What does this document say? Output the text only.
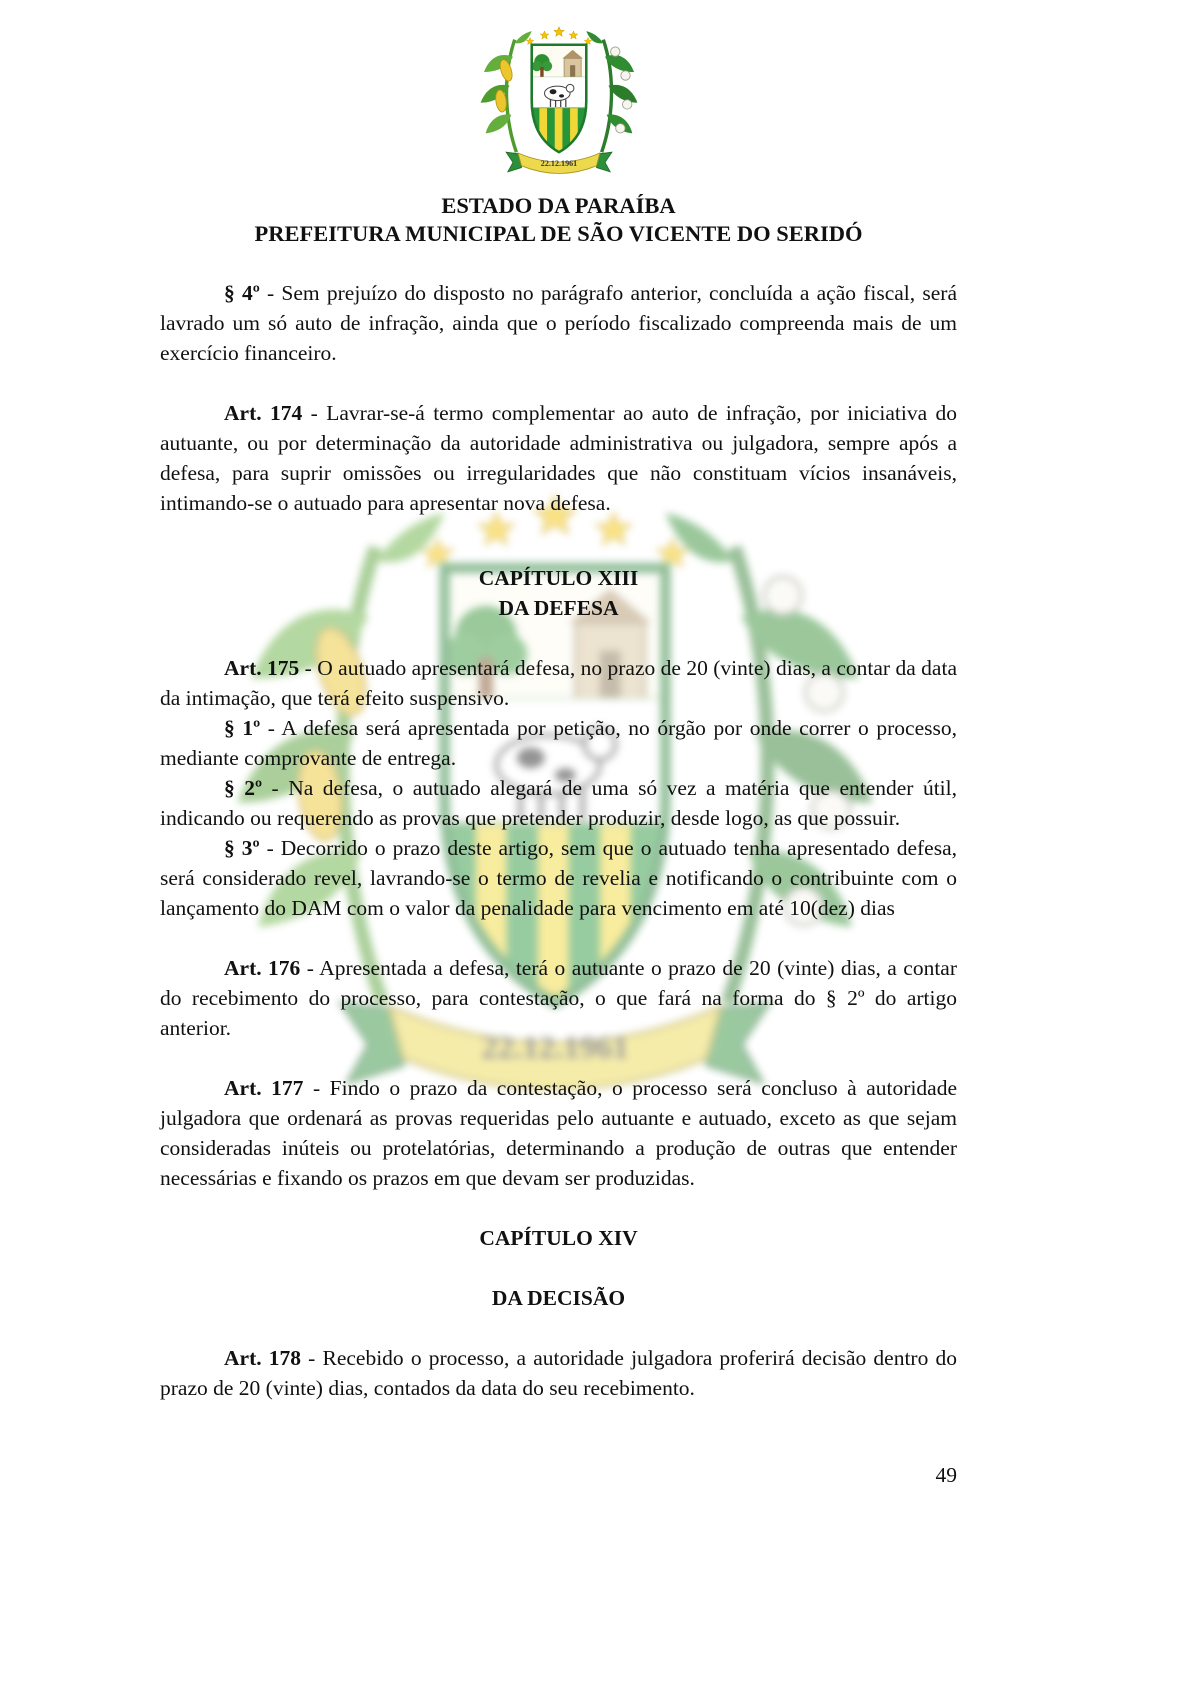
ESTADO DA PARAÍBA
PREFEITURA MUNICIPAL DE SÃO VICENTE DO SERIDÓ

§ 4º - Sem prejuízo do disposto no parágrafo anterior, concluída a ação fiscal, será lavrado um só auto de infração, ainda que o período fiscalizado compreenda mais de um exercício financeiro.

Art. 174 - Lavrar-se-á termo complementar ao auto de infração, por iniciativa do autuante, ou por determinação da autoridade administrativa ou julgadora, sempre após a defesa, para suprir omissões ou irregularidades que não constituam vícios insanáveis, intimando-se o autuado para apresentar nova defesa.

CAPÍTULO XIII
DA DEFESA

Art. 175 - O autuado apresentará defesa, no prazo de 20 (vinte) dias, a contar da data da intimação, que terá efeito suspensivo.

§ 1º - A defesa será apresentada por petição, no órgão por onde correr o processo, mediante comprovante de entrega.

§ 2º - Na defesa, o autuado alegará de uma só vez a matéria que entender útil, indicando ou requerendo as provas que pretender produzir, desde logo, as que possuir.

§ 3º - Decorrido o prazo deste artigo, sem que o autuado tenha apresentado defesa, será considerado revel, lavrando-se o termo de revelia e notificando o contribuinte com o lançamento do DAM com o valor da penalidade para vencimento em até 10(dez) dias

Art. 176 - Apresentada a defesa, terá o autuante o prazo de 20 (vinte) dias, a contar do recebimento do processo, para contestação, o que fará na forma do § 2º do artigo anterior.

Art. 177 - Findo o prazo da contestação, o processo será concluso à autoridade julgadora que ordenará as provas requeridas pelo autuante e autuado, exceto as que sejam consideradas inúteis ou protelatórias, determinando a produção de outras que entender necessárias e fixando os prazos em que devam ser produzidas.

CAPÍTULO XIV
DA DECISÃO

Art. 178 - Recebido o processo, a autoridade julgadora proferirá decisão dentro do prazo de 20 (vinte) dias, contados da data do seu recebimento.

49
